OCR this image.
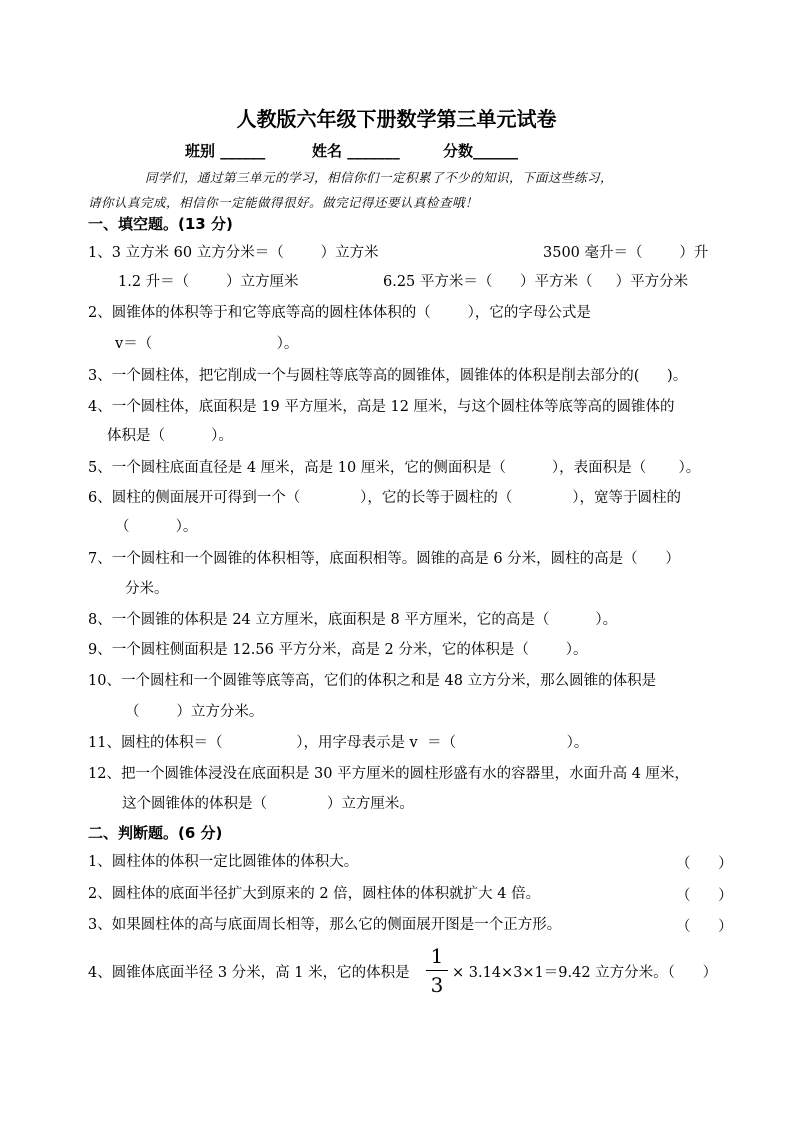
人教版六年级下册数学第三单元试卷
班别 ______	姓名 _______	分数______
同学们，通过第三单元的学习，相信你们一定积累了不少的知识，下面这些练习，
请你认真完成，相信你一定能做得很好。做完记得还要认真检查哦！
一、填空题。(13 分)
1、3 立方米 60 立方分米＝（        ）立方米	3500 毫升＝（        ）升
1.2 升＝（        ）立方厘米	6.25 平方米＝（      ）平方米（     ）平方分米
2、圆锥体的体积等于和它等底等高的圆柱体体积的（        ），它的字母公式是
v＝（                           ）。
3、一个圆柱体，把它削成一个与圆柱等底等高的圆锥体，圆锥体的体积是削去部分的(      )。
4、一个圆柱体，底面积是 19 平方厘米，高是 12 厘米，与这个圆柱体等底等高的圆锥体的
体积是（          ）。
5、一个圆柱底面直径是 4 厘米，高是 10 厘米，它的侧面积是（          ），表面积是（       ）。
6、圆柱的侧面展开可得到一个（             ），它的长等于圆柱的（             ），宽等于圆柱的
（          ）。
7、一个圆柱和一个圆锥的体积相等，底面积相等。圆锥的高是 6 分米，圆柱的高是（      ）
分米。
8、一个圆锥的体积是 24 立方厘米，底面积是 8 平方厘米，它的高是（          ）。
9、一个圆柱侧面积是 12.56 平方分米，高是 2 分米，它的体积是（        ）。
10、一个圆柱和一个圆锥等底等高，它们的体积之和是 48 立方分米，那么圆锥的体积是
（        ）立方分米。
11、圆柱的体积＝（                ），用字母表示是 v  ＝（                        ）。
12、把一个圆锥体浸没在底面积是 30 平方厘米的圆柱形盛有水的容器里，水面升高 4 厘米，
这个圆锥体的体积是（             ）立方厘米。
二、判断题。(6 分)
1、圆柱体的体积一定比圆锥体的体积大。	（      ）
2、圆柱体的底面半径扩大到原来的 2 倍，圆柱体的体积就扩大 4 倍。	（      ）
3、如果圆柱体的高与底面周长相等，那么它的侧面展开图是一个正方形。	（      ）
4、圆锥体底面半径 3 分米，高 1 米，它的体积是
1
3 × 3.14×3×1＝9.42 立方分米。（      ）
